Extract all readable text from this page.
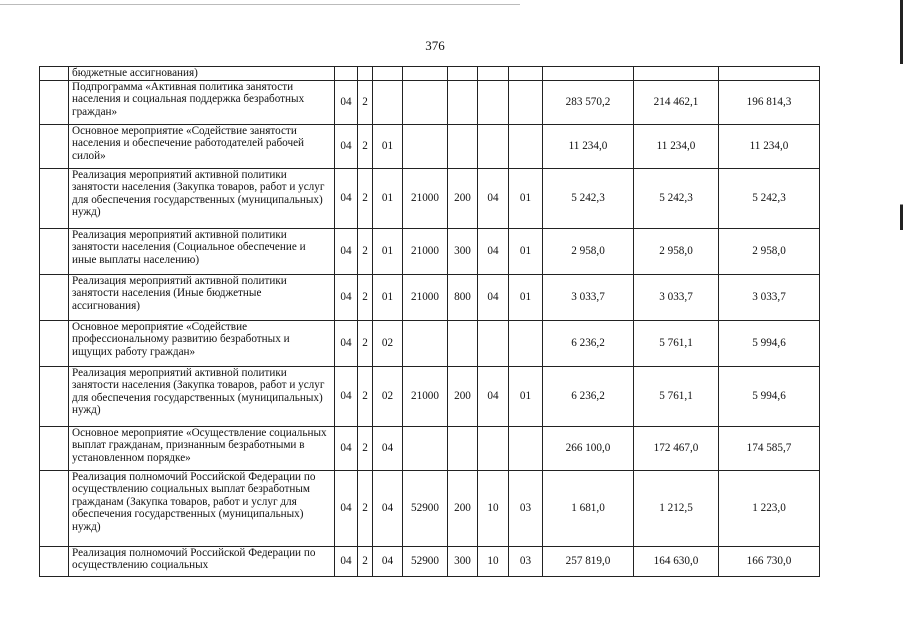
376
	бюджетные ассигнования)										
	Подпрограмма «Активная политика занятости населения и социальная поддержка безработных граждан»	04	2						283 570,2	214 462,1	196 814,3
	Основное мероприятие «Содействие занятости населения и обеспечение работодателей рабочей силой»	04	2	01					11 234,0	11 234,0	11 234,0
	Реализация мероприятий активной политики занятости населения (Закупка товаров, работ и услуг для обеспечения государственных (муниципальных) нужд)	04	2	01	21000	200	04	01	5 242,3	5 242,3	5 242,3
	Реализация мероприятий активной политики занятости населения (Социальное обеспечение и иные выплаты населению)	04	2	01	21000	300	04	01	2 958,0	2 958,0	2 958,0
	Реализация мероприятий активной политики занятости населения (Иные бюджетные ассигнования)	04	2	01	21000	800	04	01	3 033,7	3 033,7	3 033,7
	Основное мероприятие «Содействие профессиональному развитию безработных и ищущих работу граждан»	04	2	02					6 236,2	5 761,1	5 994,6
	Реализация мероприятий активной политики занятости населения (Закупка товаров, работ и услуг для обеспечения государственных (муниципальных) нужд)	04	2	02	21000	200	04	01	6 236,2	5 761,1	5 994,6
	Основное мероприятие «Осуществление социальных выплат гражданам, признанным безработными в установленном порядке»	04	2	04					266 100,0	172 467,0	174 585,7
	Реализация полномочий Российской Федерации по осуществлению социальных выплат безработным гражданам (Закупка товаров, работ и услуг для обеспечения государственных (муниципальных) нужд)	04	2	04	52900	200	10	03	1 681,0	1 212,5	1 223,0
	Реализация полномочий Российской Федерации по осуществлению социальных	04	2	04	52900	300	10	03	257 819,0	164 630,0	166 730,0
